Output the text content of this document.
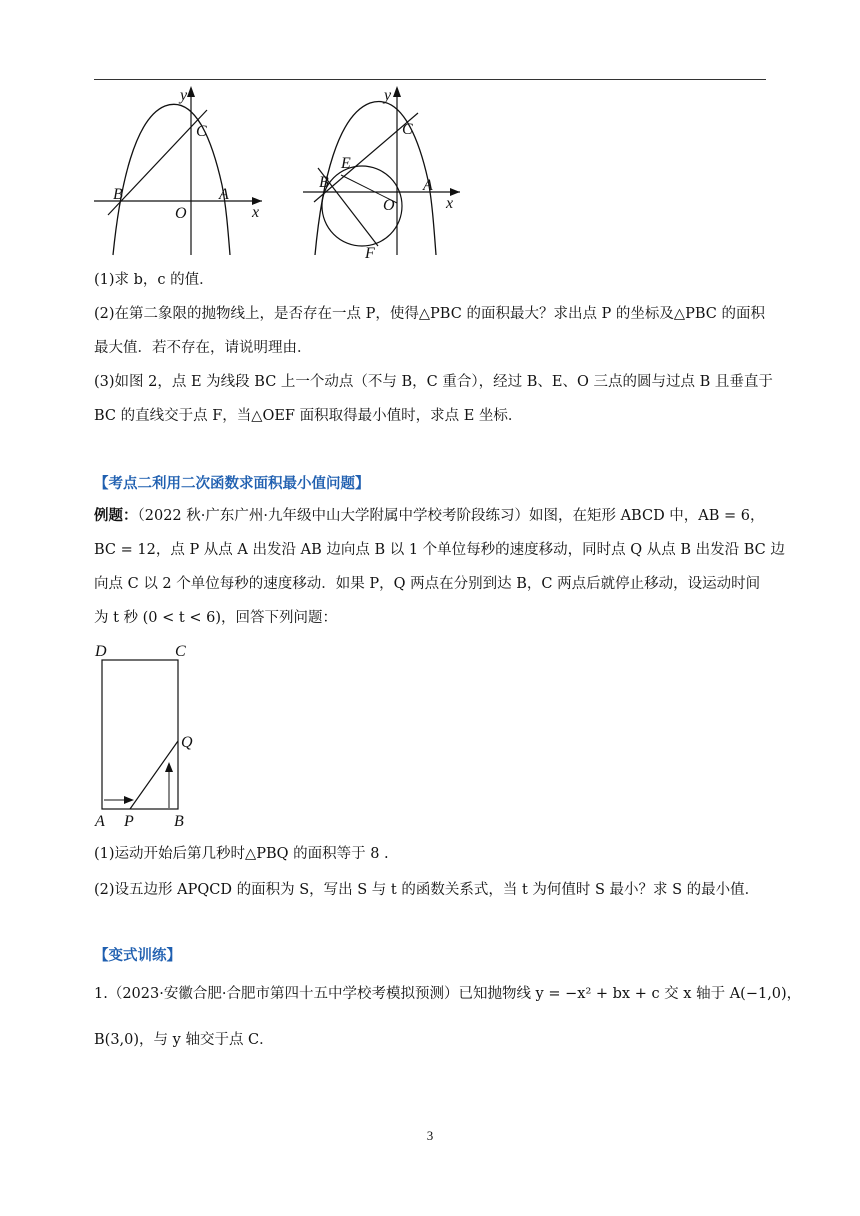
y
x
C
B	A
O
y
x
C
E
B	A
O
F
(1)求 b，c 的值．
(2)在第二象限的抛物线上，是否存在一点 P，使得△PBC 的面积最大？求出点 P 的坐标及△PBC 的面积
最大值．若不存在，请说明理由．
(3)如图 2，点 E 为线段 BC 上一个动点（不与 B，C 重合），经过 B、E、O 三点的圆与过点 B 且垂直于
BC 的直线交于点 F，当△OEF 面积取得最小值时，求点 E 坐标．
【考点二利用二次函数求面积最小值问题】
例题：（2022 秋·广东广州·九年级中山大学附属中学校考阶段练习）如图，在矩形 ABCD 中，AB = 6，
BC = 12，点 P 从点 A 出发沿 AB 边向点 B 以 1 个单位每秒的速度移动，同时点 Q 从点 B 出发沿 BC 边
向点 C 以 2 个单位每秒的速度移动．如果 P，Q 两点在分别到达 B，C 两点后就停止移动，设运动时间
为 t 秒 (0 < t < 6)，回答下列问题：
D	C
Q
A P	B
(1)运动开始后第几秒时△PBQ 的面积等于 8 .
(2)设五边形 APQCD 的面积为 S，写出 S 与 t 的函数关系式，当 t 为何值时 S 最小？求 S 的最小值．
【变式训练】
1.（2023·安徽合肥·合肥市第四十五中学校考模拟预测）已知抛物线 y = −x² + bx + c 交 x 轴于 A(−1,0)，
B(3,0)，与 y 轴交于点 C．
3
